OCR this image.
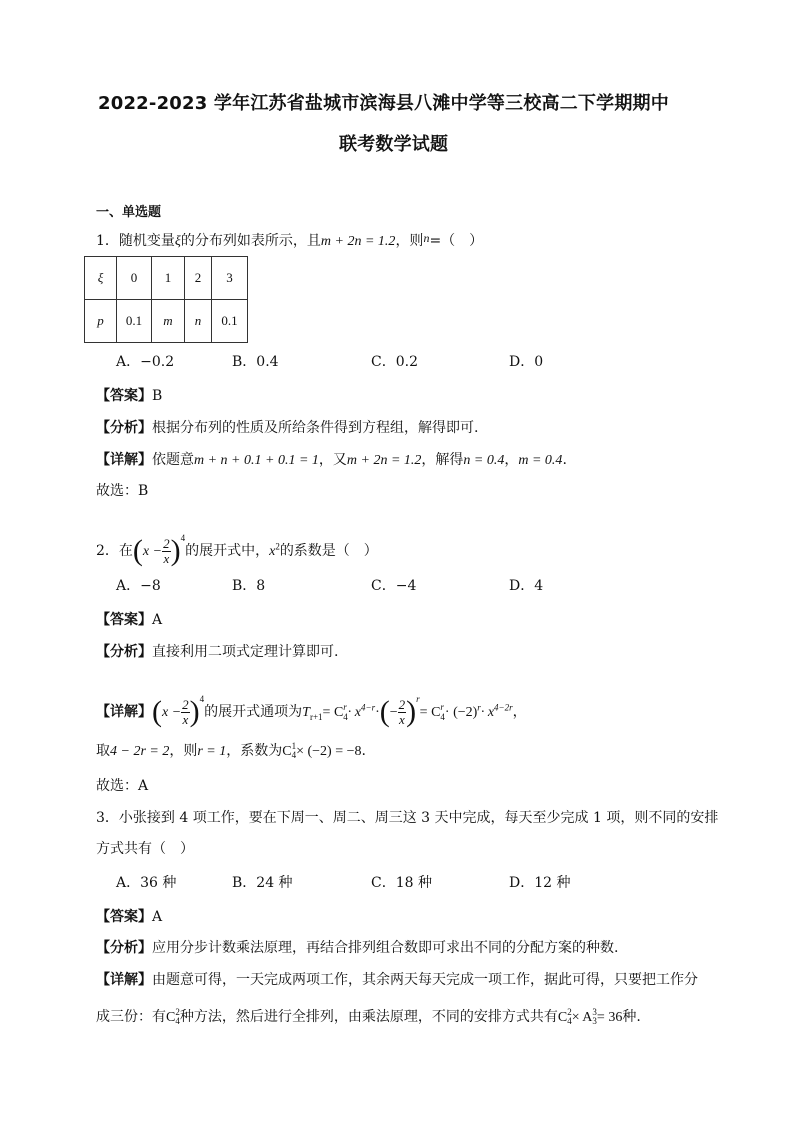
2022-2023 学年江苏省盐城市滨海县八滩中学等三校高二下学期期中
联考数学试题
一、单选题
1．随机变量ξ的分布列如表所示，且m + 2n = 1.2，则n=（　）
ξ	0	1	2	3
p	0.1	m	n	0.1
A．−0.2	B．0.4	C．0.2	D．0
【答案】B
【分析】根据分布列的性质及所给条件得到方程组，解得即可.
【详解】依题意m + n + 0.1 + 0.1 = 1，又m + 2n = 1.2，解得n = 0.4，m = 0.4.
故选：B
2．在$(x - \frac{2}{x} )^4$的展开式中，$x^2$的系数是（　）
A．−8	B．8	C．−4	D．4
【答案】A
【分析】直接利用二项式定理计算即可.
【详解】$(x - \frac{2}{x} )^4$的展开式通项为$T_{r+1}= C$ r
$4 \cdot x^{4-r}\cdot(- \frac{2}{x} )^r= C$ r
$4 \cdot (-2)^r\cdot x^{4-2r}$，
取4 − 2r = 2，则r = 1，系数为C 1
4 × (−2) = −8.
故选：A
3．小张接到 4 项工作，要在下周一、周二、周三这 3 天中完成，每天至少完成 1 项，则不同的安排
方式共有（　）
A．36 种	B．24 种	C．18 种	D．12 种
【答案】A
【分析】应用分步计数乘法原理，再结合排列组合数即可求出不同的分配方案的种数.
【详解】由题意可得，一天完成两项工作，其余两天每天完成一项工作，据此可得，只要把工作分
成三份：有C 2
4 种方法，然后进行全排列，由乘法原理，不同的安排方式共有C 2
4 × A 3
3 = 36种.
